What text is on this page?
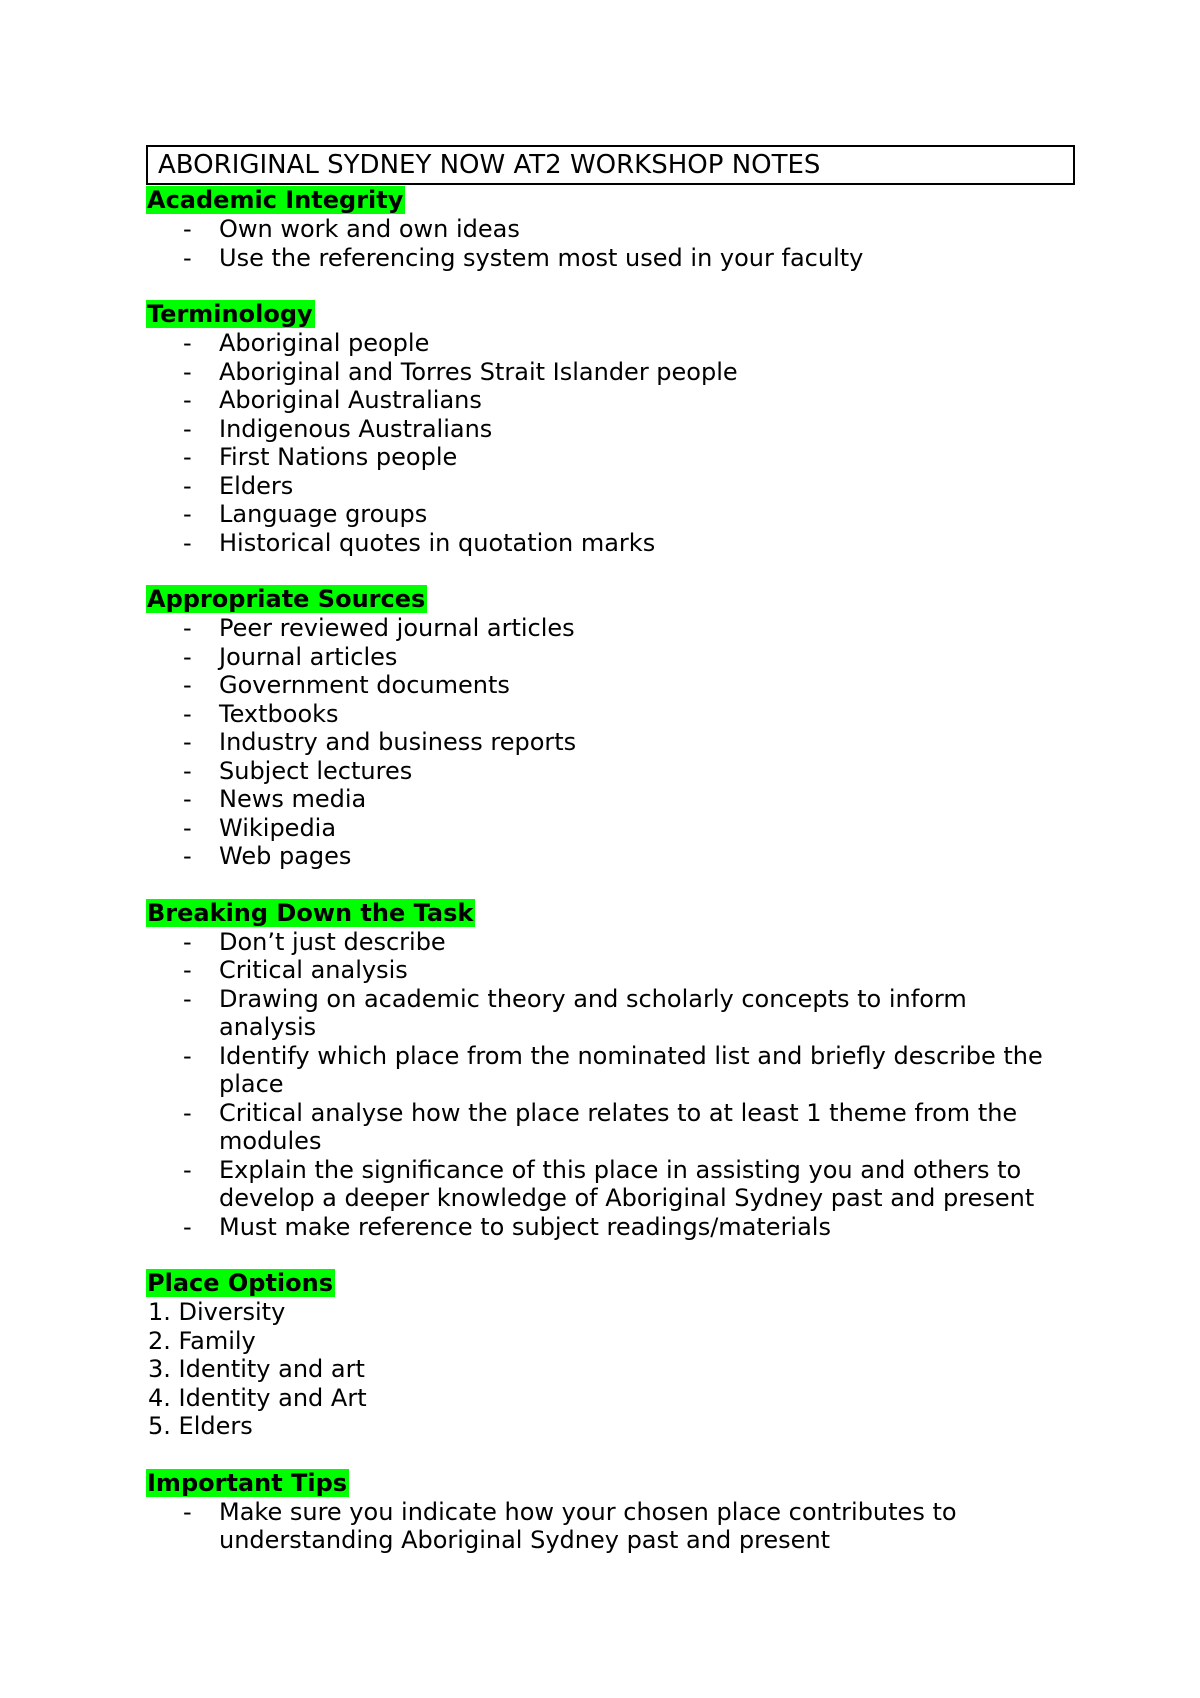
ABORIGINAL SYDNEY NOW AT2 WORKSHOP NOTES
Academic Integrity
- Own work and own ideas
- Use the referencing system most used in your faculty
Terminology
- Aboriginal people
- Aboriginal and Torres Strait Islander people
- Aboriginal Australians
- Indigenous Australians
- First Nations people
- Elders
- Language groups
- Historical quotes in quotation marks
Appropriate Sources
- Peer reviewed journal articles
- Journal articles
- Government documents
- Textbooks
- Industry and business reports
- Subject lectures
- News media
- Wikipedia
- Web pages
Breaking Down the Task
- Don’t just describe
- Critical analysis
- Drawing on academic theory and scholarly concepts to inform
analysis
- Identify which place from the nominated list and briefly describe the
place
- Critical analyse how the place relates to at least 1 theme from the
modules
- Explain the significance of this place in assisting you and others to
develop a deeper knowledge of Aboriginal Sydney past and present
- Must make reference to subject readings/materials
Place Options
1. Diversity
2. Family
3. Identity and art
4. Identity and Art
5. Elders
Important Tips
- Make sure you indicate how your chosen place contributes to
understanding Aboriginal Sydney past and present
